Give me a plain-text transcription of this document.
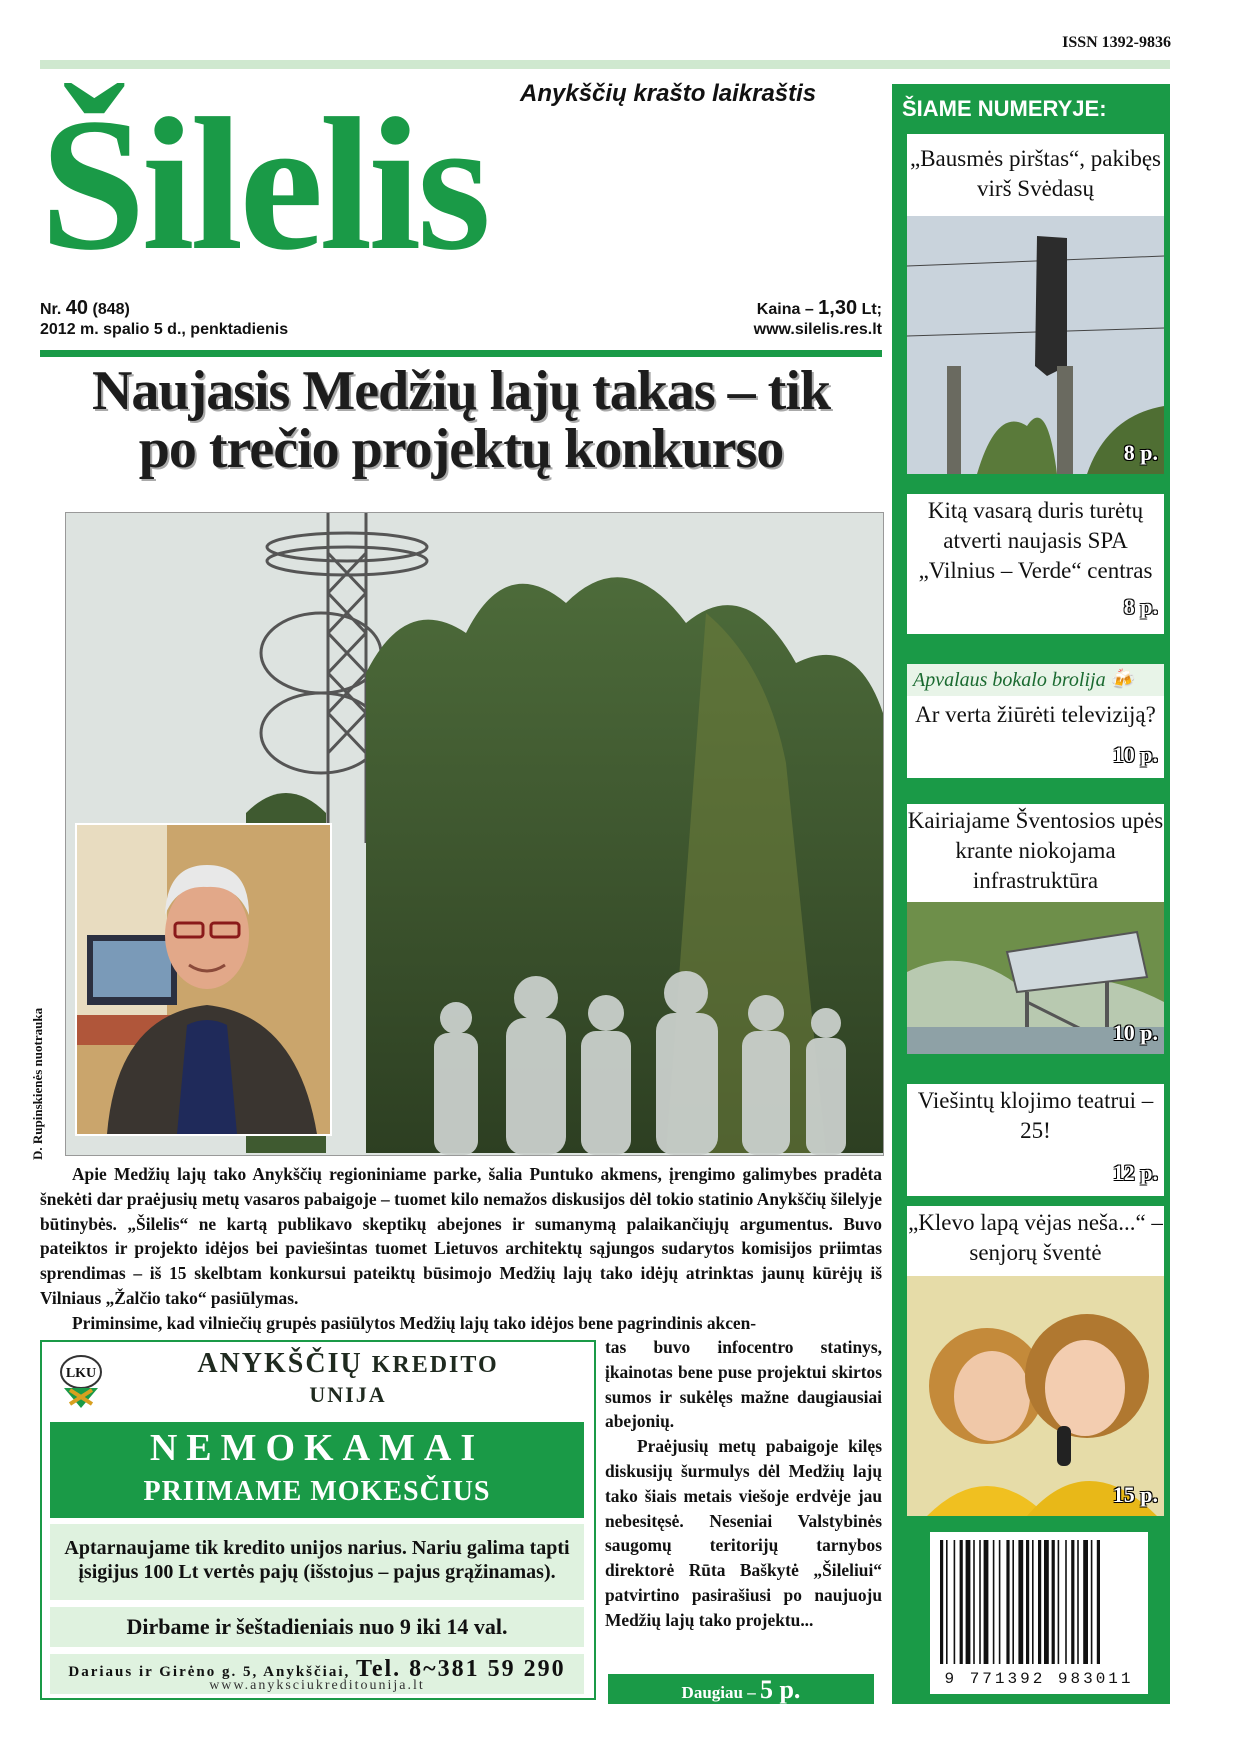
ISSN 1392-9836
Anykščių krašto laikraštis
Šilelis
Nr. 40 (848)
2012 m. spalio 5 d., penktadienis
Kaina – 1,30 Lt;
www.silelis.res.lt
Naujasis Medžių lajų takas – tik
po trečio projektų konkurso
D. Rupinskienės nuotrauka

Apie Medžių lajų tako Anykščių regioniniame parke, šalia Puntuko akmens, įrengimo galimybes pradėta šnekėti dar praėjusių metų vasaros pabaigoje – tuomet kilo nemažos diskusijos dėl tokio statinio Anykščių šilelyje būtinybės. „Šilelis“ ne kartą publikavo skeptikų abejones ir sumanymą palaikančiųjų argumentus. Buvo pateiktos ir projekto idėjos bei paviešintas tuomet Lietuvos architektų sąjungos sudarytos komisijos priimtas sprendimas – iš 15 skelbtam konkursui pateiktų būsimojo Medžių lajų tako idėjų atrinktas jaunų kūrėjų iš Vilniaus „Žalčio tako“ pasiūlymas.

Priminsime, kad vilniečių grupės pasiūlytos Medžių lajų tako idėjos bene pagrindinis akcen-

tas buvo infocentro statinys, įkainotas bene puse projektui skirtos sumos ir sukėlęs mažne daugiausiai abejonių.

Praėjusių metų pabaigoje kilęs diskusijų šurmulys dėl Medžių lajų tako šiais metais viešoje erdvėje jau nebesitęsė. Neseniai Valstybinės saugomų teritorijų tarnybos direktorė Rūta Baškytė „Šileliui“ patvirtino pasirašiusi po naujuoju Medžių lajų tako projektu...

Daugiau – 5 p.
LKU	ANYKŠČIŲ KREDITO
UNIJA
NEMOKAMAI
PRIIMAME MOKESČIUS
Aptarnaujame tik kredito unijos narius. Nariu galima tapti įsigijus 100 Lt vertės pajų (išstojus – pajus grąžinamas).
Dirbame ir šeštadieniais nuo 9 iki 14 val.
Dariaus ir Girėno g. 5, Anykščiai, Tel. 8~381 59 290
www.anyksciukreditounija.lt
ŠIAME NUMERYJE:
„Bausmės pirštas“, pakibęs virš Svėdasų
8 p.
Kitą vasarą duris turėtų atverti naujasis SPA „Vilnius – Verde“ centras
8 p.
Apvalaus bokalo brolija 🍻
Ar verta žiūrėti televiziją?
10 p.
Kairiajame Šventosios upės krante niokojama infrastruktūra
10 p.
Viešintų klojimo teatrui – 25!
12 p.
„Klevo lapą vėjas neša...“ – senjorų šventė
15 p.
9 771392 983011
